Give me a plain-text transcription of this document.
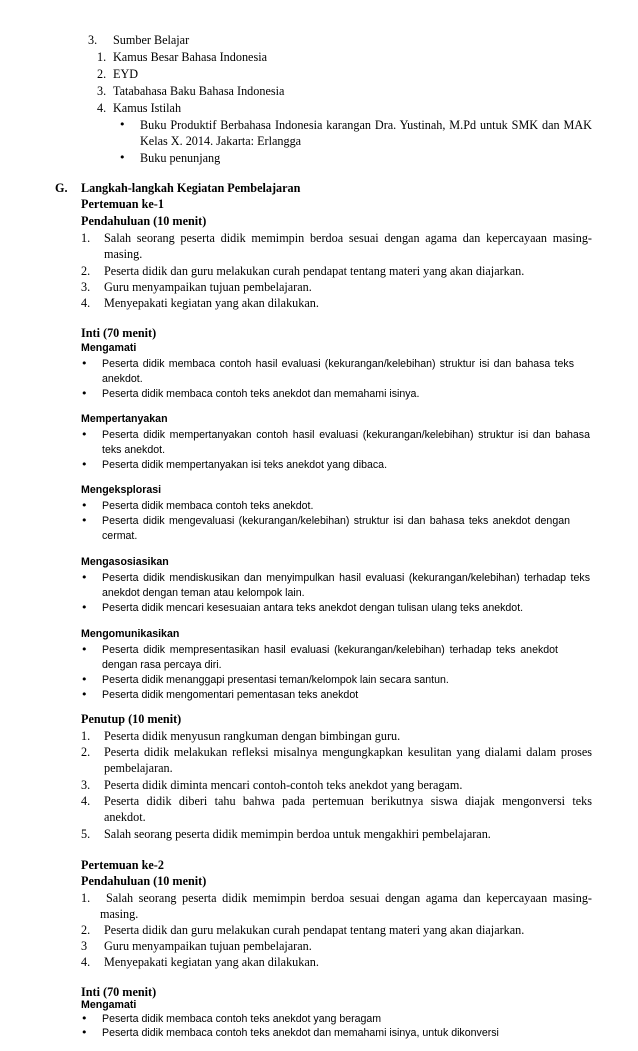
3. Sumber Belajar
1. Kamus Besar Bahasa Indonesia
2. EYD
3. Tatabahasa Baku Bahasa Indonesia
4. Kamus Istilah
• Buku Produktif Berbahasa Indonesia karangan Dra. Yustinah, M.Pd untuk SMK dan MAK
Kelas X. 2014. Jakarta: Erlangga
• Buku penunjang
G. Langkah-langkah Kegiatan Pembelajaran
Pertemuan ke-1
Pendahuluan (10 menit)
1. Salah seorang peserta didik memimpin berdoa sesuai dengan agama dan kepercayaan masing-
masing.
2. Peserta didik dan guru melakukan curah pendapat tentang materi yang akan diajarkan.
3. Guru menyampaikan tujuan pembelajaran.
4. Menyepakati kegiatan yang akan dilakukan.
Inti (70 menit)
Mengamati
• Peserta didik membaca contoh hasil evaluasi (kekurangan/kelebihan) struktur isi dan bahasa teks
anekdot.
• Peserta didik membaca contoh teks anekdot dan memahami isinya.
Mempertanyakan
• Peserta didik mempertanyakan contoh hasil evaluasi (kekurangan/kelebihan) struktur isi dan bahasa
teks anekdot.
• Peserta didik mempertanyakan isi teks anekdot yang dibaca.
Mengeksplorasi
• Peserta didik membaca contoh teks anekdot.
• Peserta didik mengevaluasi (kekurangan/kelebihan) struktur isi dan bahasa teks anekdot dengan
cermat.
Mengasosiasikan
• Peserta didik mendiskusikan dan menyimpulkan hasil evaluasi (kekurangan/kelebihan) terhadap teks
anekdot dengan teman atau kelompok lain.
• Peserta didik mencari kesesuaian antara teks anekdot dengan tulisan ulang teks anekdot.
Mengomunikasikan
• Peserta didik mempresentasikan hasil evaluasi (kekurangan/kelebihan) terhadap teks anekdot
dengan rasa percaya diri.
• Peserta didik menanggapi presentasi teman/kelompok lain secara santun.
• Peserta didik mengomentari pementasan teks anekdot
Penutup (10 menit)
1. Peserta didik menyusun rangkuman dengan bimbingan guru.
2. Peserta didik melakukan refleksi misalnya mengungkapkan kesulitan yang dialami dalam proses
pembelajaran.
3. Peserta didik diminta mencari contoh-contoh teks anekdot yang beragam.
4. Peserta didik diberi tahu bahwa pada pertemuan berikutnya siswa diajak mengonversi teks
anekdot.
5. Salah seorang peserta didik memimpin berdoa untuk mengakhiri pembelajaran.
Pertemuan ke-2
Pendahuluan (10 menit)
1. Salah seorang peserta didik memimpin berdoa sesuai dengan agama dan kepercayaan masing-
masing.
2. Peserta didik dan guru melakukan curah pendapat tentang materi yang akan diajarkan.
3 Guru menyampaikan tujuan pembelajaran.
4. Menyepakati kegiatan yang akan dilakukan.
Inti (70 menit)
Mengamati
• Peserta didik membaca contoh teks anekdot yang beragam
• Peserta didik membaca contoh teks anekdot dan memahami isinya, untuk dikonversi
